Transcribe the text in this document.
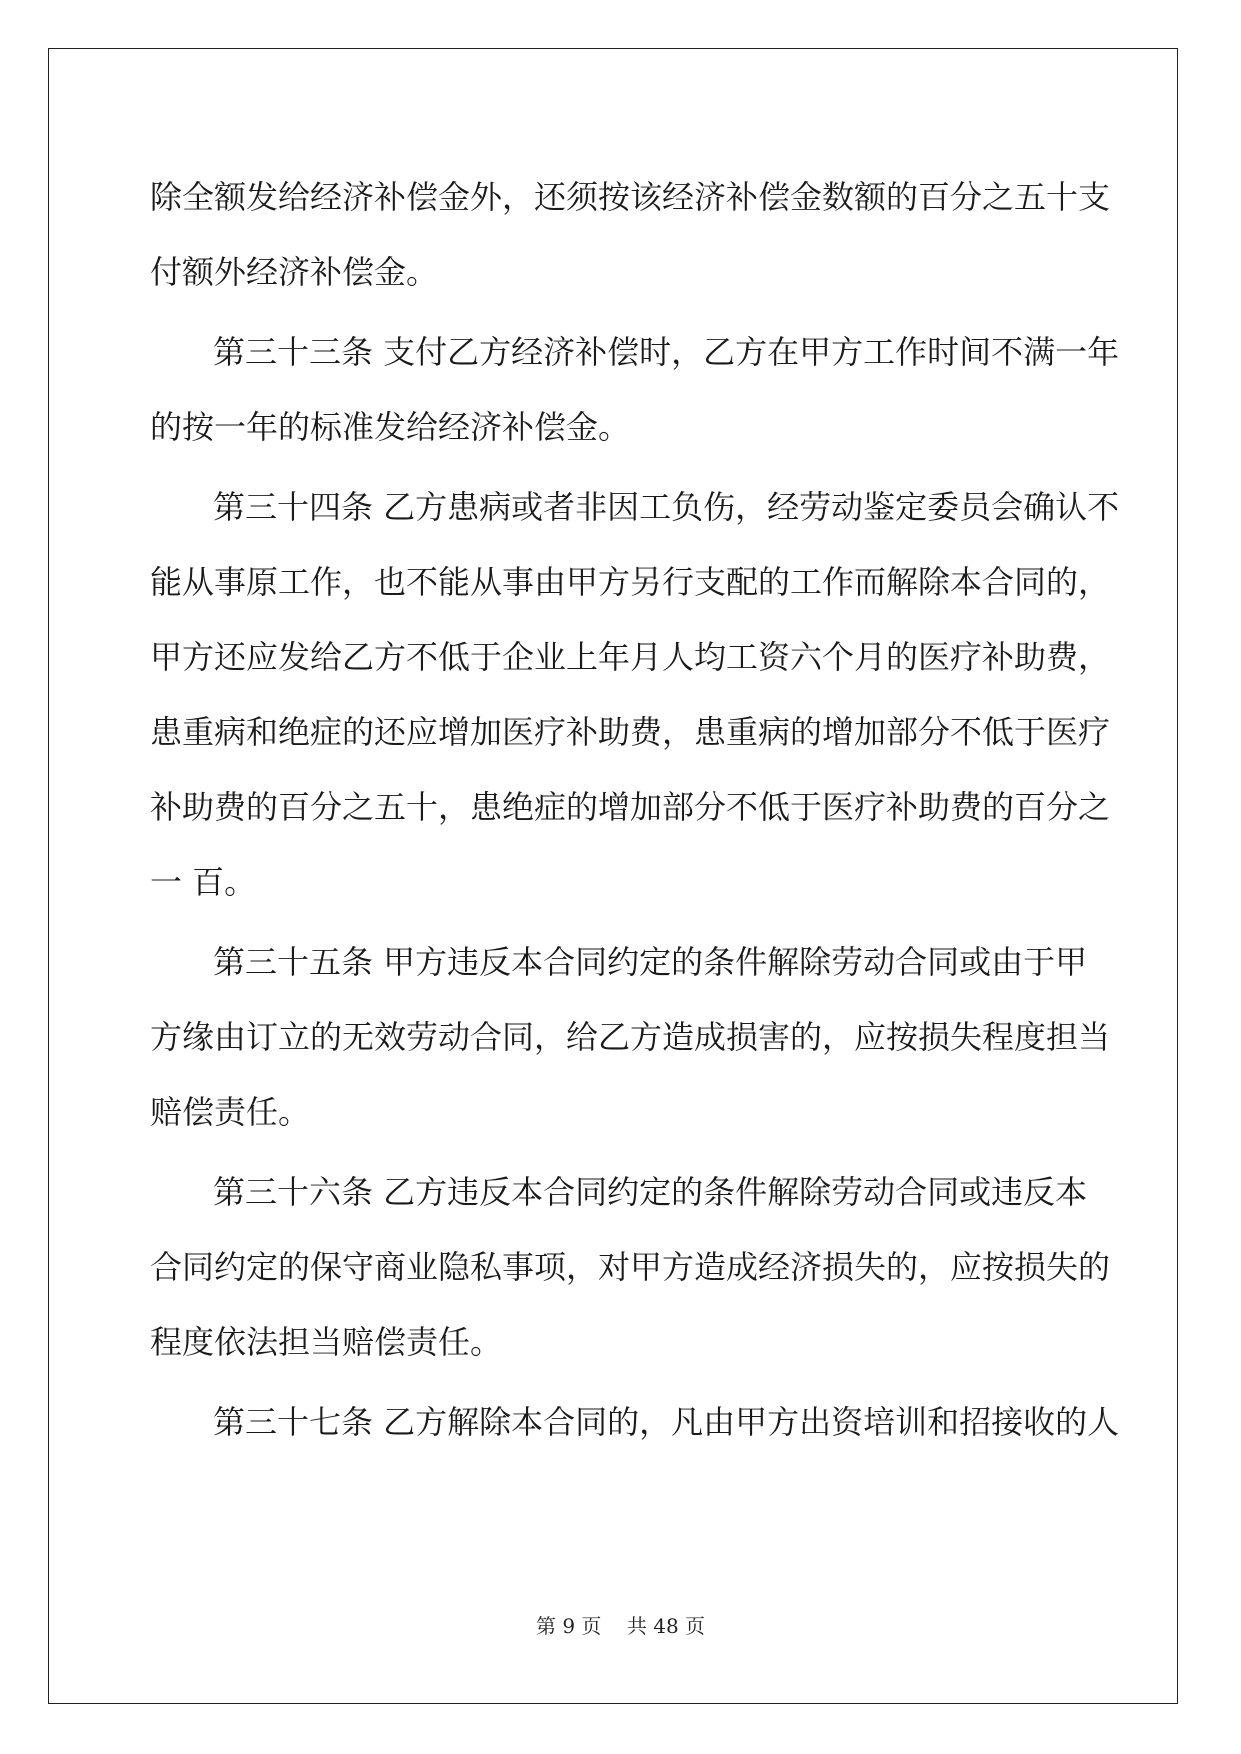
除全额发给经济补偿金外，还须按该经济补偿金数额的百分之五十支
付额外经济补偿金。
第三十三条 支付乙方经济补偿时，乙方在甲方工作时间不满一年
的按一年的标准发给经济补偿金。
第三十四条 乙方患病或者非因工负伤，经劳动鉴定委员会确认不
能从事原工作，也不能从事由甲方另行支配的工作而解除本合同的，
甲方还应发给乙方不低于企业上年月人均工资六个月的医疗补助费，
患重病和绝症的还应增加医疗补助费，患重病的增加部分不低于医疗
补助费的百分之五十，患绝症的增加部分不低于医疗补助费的百分之
一 百。
第三十五条 甲方违反本合同约定的条件解除劳动合同或由于甲
方缘由订立的无效劳动合同，给乙方造成损害的，应按损失程度担当
赔偿责任。
第三十六条 乙方违反本合同约定的条件解除劳动合同或违反本
合同约定的保守商业隐私事项，对甲方造成经济损失的，应按损失的
程度依法担当赔偿责任。
第三十七条 乙方解除本合同的，凡由甲方出资培训和招接收的人
第 9 页 共 48 页
